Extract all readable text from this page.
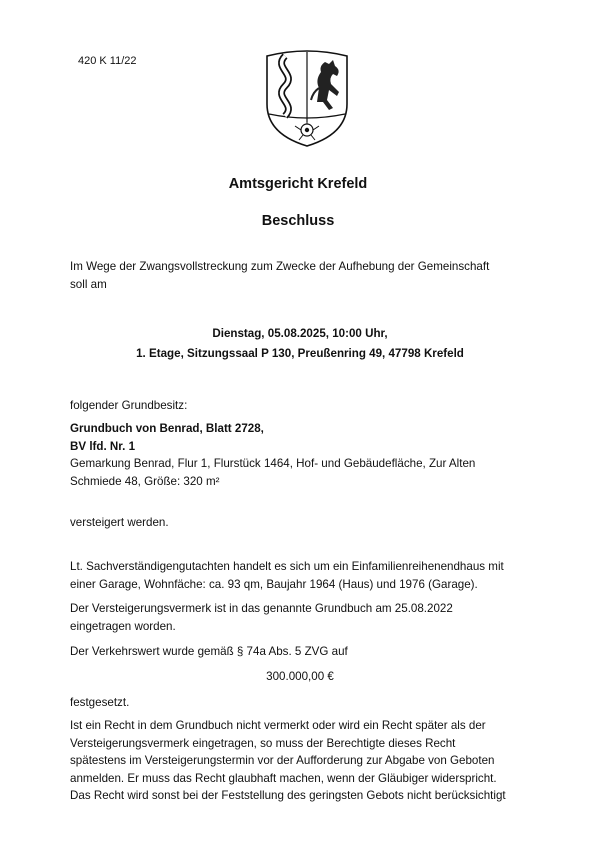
420 K 11/22
Amtsgericht Krefeld
Beschluss
Im Wege der Zwangsvollstreckung zum Zwecke der Aufhebung der Gemeinschaft
soll am
Dienstag, 05.08.2025, 10:00 Uhr,
1. Etage, Sitzungssaal P 130, Preußenring 49, 47798 Krefeld
folgender Grundbesitz:
Grundbuch von Benrad, Blatt 2728,
BV lfd. Nr. 1
Gemarkung Benrad, Flur 1, Flurstück 1464, Hof- und Gebäudefläche, Zur Alten
Schmiede 48, Größe: 320 m²
versteigert werden.
Lt. Sachverständigengutachten handelt es sich um ein Einfamilienreihenendhaus mit
einer Garage, Wohnfäche: ca. 93 qm, Baujahr 1964 (Haus) und 1976 (Garage).
Der Versteigerungsvermerk ist in das genannte Grundbuch am 25.08.2022
eingetragen worden.
Der Verkehrswert wurde gemäß § 74a Abs. 5 ZVG auf
300.000,00 €
festgesetzt.
Ist ein Recht in dem Grundbuch nicht vermerkt oder wird ein Recht später als der
Versteigerungsvermerk eingetragen, so muss der Berechtigte dieses Recht
spätestens im Versteigerungstermin vor der Aufforderung zur Abgabe von Geboten
anmelden. Er muss das Recht glaubhaft machen, wenn der Gläubiger widerspricht.
Das Recht wird sonst bei der Feststellung des geringsten Gebots nicht berücksichtigt
